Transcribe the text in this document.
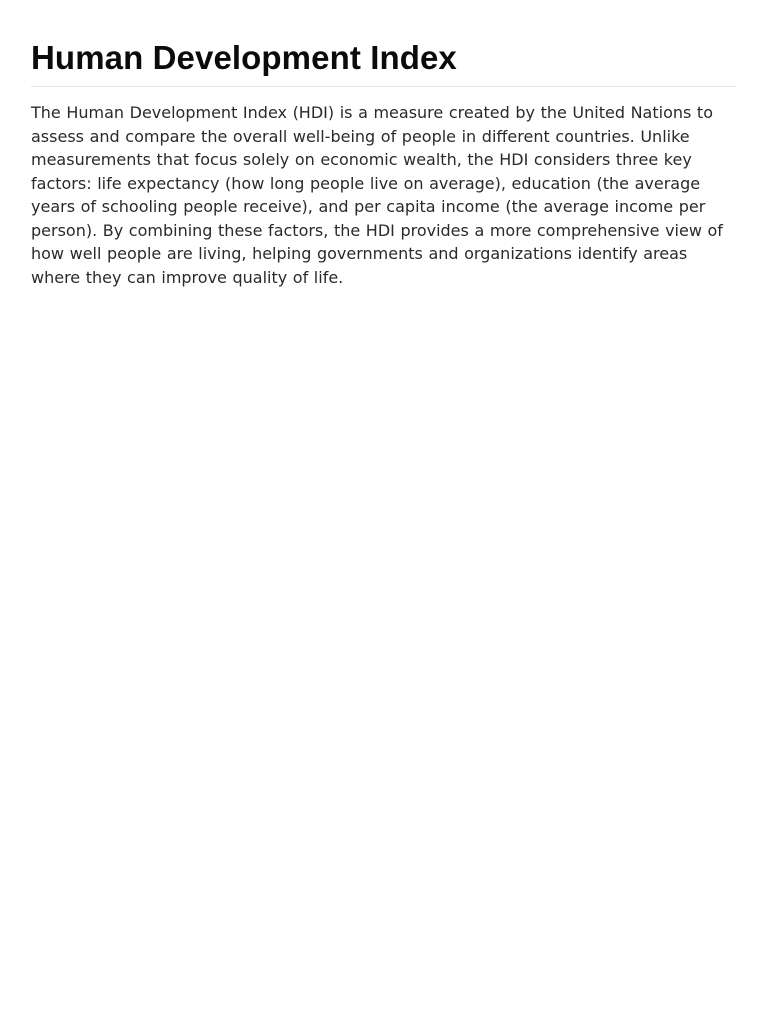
Human Development Index

The Human Development Index (HDI) is a measure created by the United Nations to assess and compare the overall well-being of people in different countries. Unlike measurements that focus solely on economic wealth, the HDI considers three key factors: life expectancy (how long people live on average), education (the average years of schooling people receive), and per capita income (the average income per person). By combining these factors, the HDI provides a more comprehensive view of how well people are living, helping governments and organizations identify areas where they can improve quality of life.
